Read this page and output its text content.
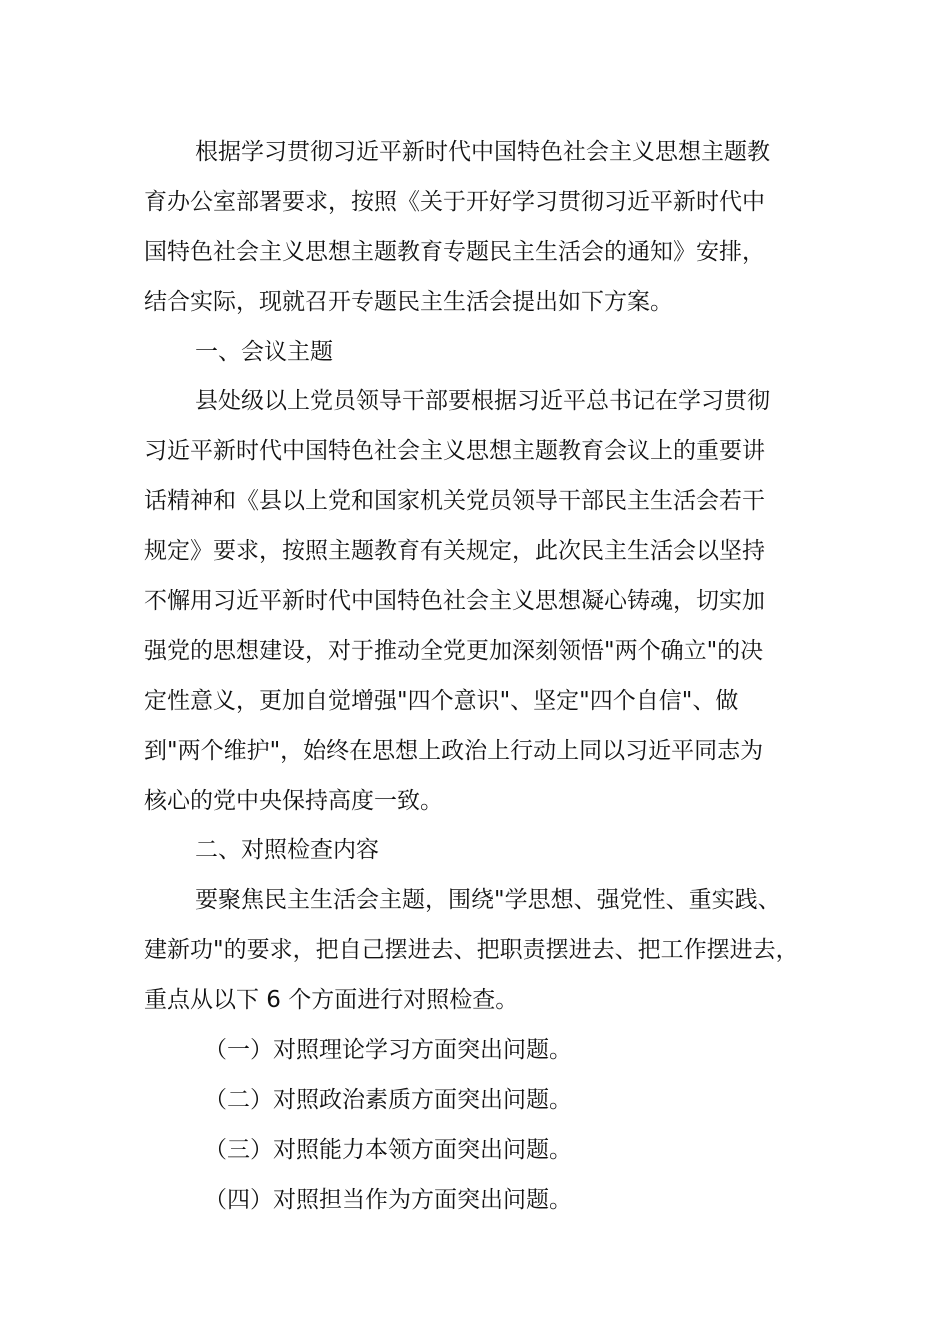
根据学习贯彻习近平新时代中国特色社会主义思想主题教
育办公室部署要求，按照《关于开好学习贯彻习近平新时代中
国特色社会主义思想主题教育专题民主生活会的通知》安排，
结合实际，现就召开专题民主生活会提出如下方案。
一、会议主题
县处级以上党员领导干部要根据习近平总书记在学习贯彻
习近平新时代中国特色社会主义思想主题教育会议上的重要讲
话精神和《县以上党和国家机关党员领导干部民主生活会若干
规定》要求，按照主题教育有关规定，此次民主生活会以坚持
不懈用习近平新时代中国特色社会主义思想凝心铸魂，切实加
强党的思想建设，对于推动全党更加深刻领悟"两个确立"的决
定性意义，更加自觉增强"四个意识"、坚定"四个自信"、做
到"两个维护"，始终在思想上政治上行动上同以习近平同志为
核心的党中央保持高度一致。
二、对照检查内容
要聚焦民主生活会主题，围绕"学思想、强党性、重实践、
建新功"的要求，把自己摆进去、把职责摆进去、把工作摆进去，
重点从以下 6 个方面进行对照检查。
（一）对照理论学习方面突出问题。
（二）对照政治素质方面突出问题。
（三）对照能力本领方面突出问题。
（四）对照担当作为方面突出问题。
